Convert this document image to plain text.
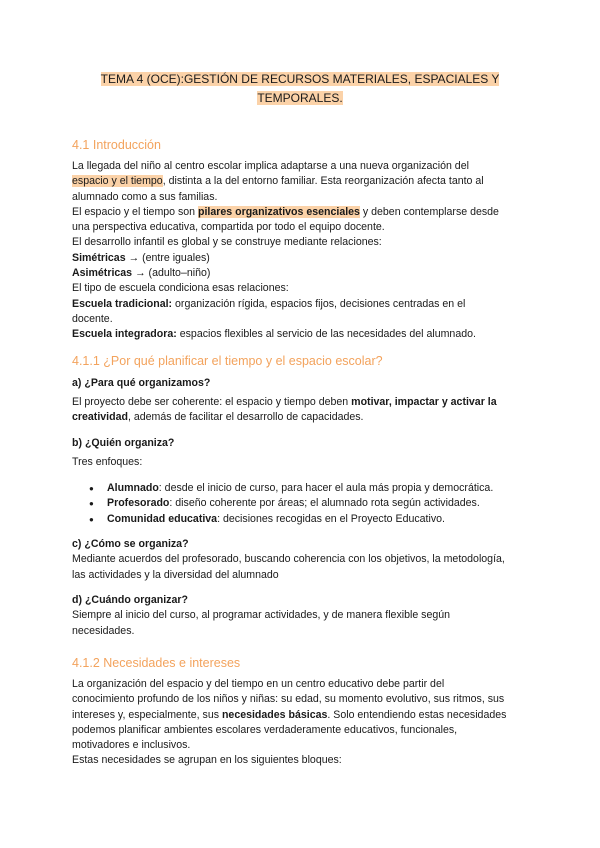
TEMA 4 (OCE):GESTIÓN DE RECURSOS MATERIALES, ESPACIALES Y
TEMPORALES.
4.1 Introducción

La llegada del niño al centro escolar implica adaptarse a una nueva organización del

espacio y el tiempo, distinta a la del entorno familiar. Esta reorganización afecta tanto al

alumnado como a sus familias.

El espacio y el tiempo son pilares organizativos esenciales y deben contemplarse desde

una perspectiva educativa, compartida por todo el equipo docente.

El desarrollo infantil es global y se construye mediante relaciones:

Simétricas → (entre iguales)

Asimétricas → (adulto–niño)

El tipo de escuela condiciona esas relaciones:

Escuela tradicional: organización rígida, espacios fijos, decisiones centradas en el

docente.

Escuela integradora: espacios flexibles al servicio de las necesidades del alumnado.

4.1.1 ¿Por qué planificar el tiempo y el espacio escolar?

a) ¿Para qué organizamos?

El proyecto debe ser coherente: el espacio y tiempo deben motivar, impactar y activar la

creatividad, además de facilitar el desarrollo de capacidades.

b) ¿Quién organiza?

Tres enfoques:

● Alumnado: desde el inicio de curso, para hacer el aula más propia y democrática.
● Profesorado: diseño coherente por áreas; el alumnado rota según actividades.
● Comunidad educativa: decisiones recogidas en el Proyecto Educativo.

c) ¿Cómo se organiza?

Mediante acuerdos del profesorado, buscando coherencia con los objetivos, la metodología,

las actividades y la diversidad del alumnado

d) ¿Cuándo organizar?

Siempre al inicio del curso, al programar actividades, y de manera flexible según

necesidades.

4.1.2 Necesidades e intereses

La organización del espacio y del tiempo en un centro educativo debe partir del

conocimiento profundo de los niños y niñas: su edad, su momento evolutivo, sus ritmos, sus

intereses y, especialmente, sus necesidades básicas. Solo entendiendo estas necesidades

podemos planificar ambientes escolares verdaderamente educativos, funcionales,

motivadores e inclusivos.

Estas necesidades se agrupan en los siguientes bloques:
